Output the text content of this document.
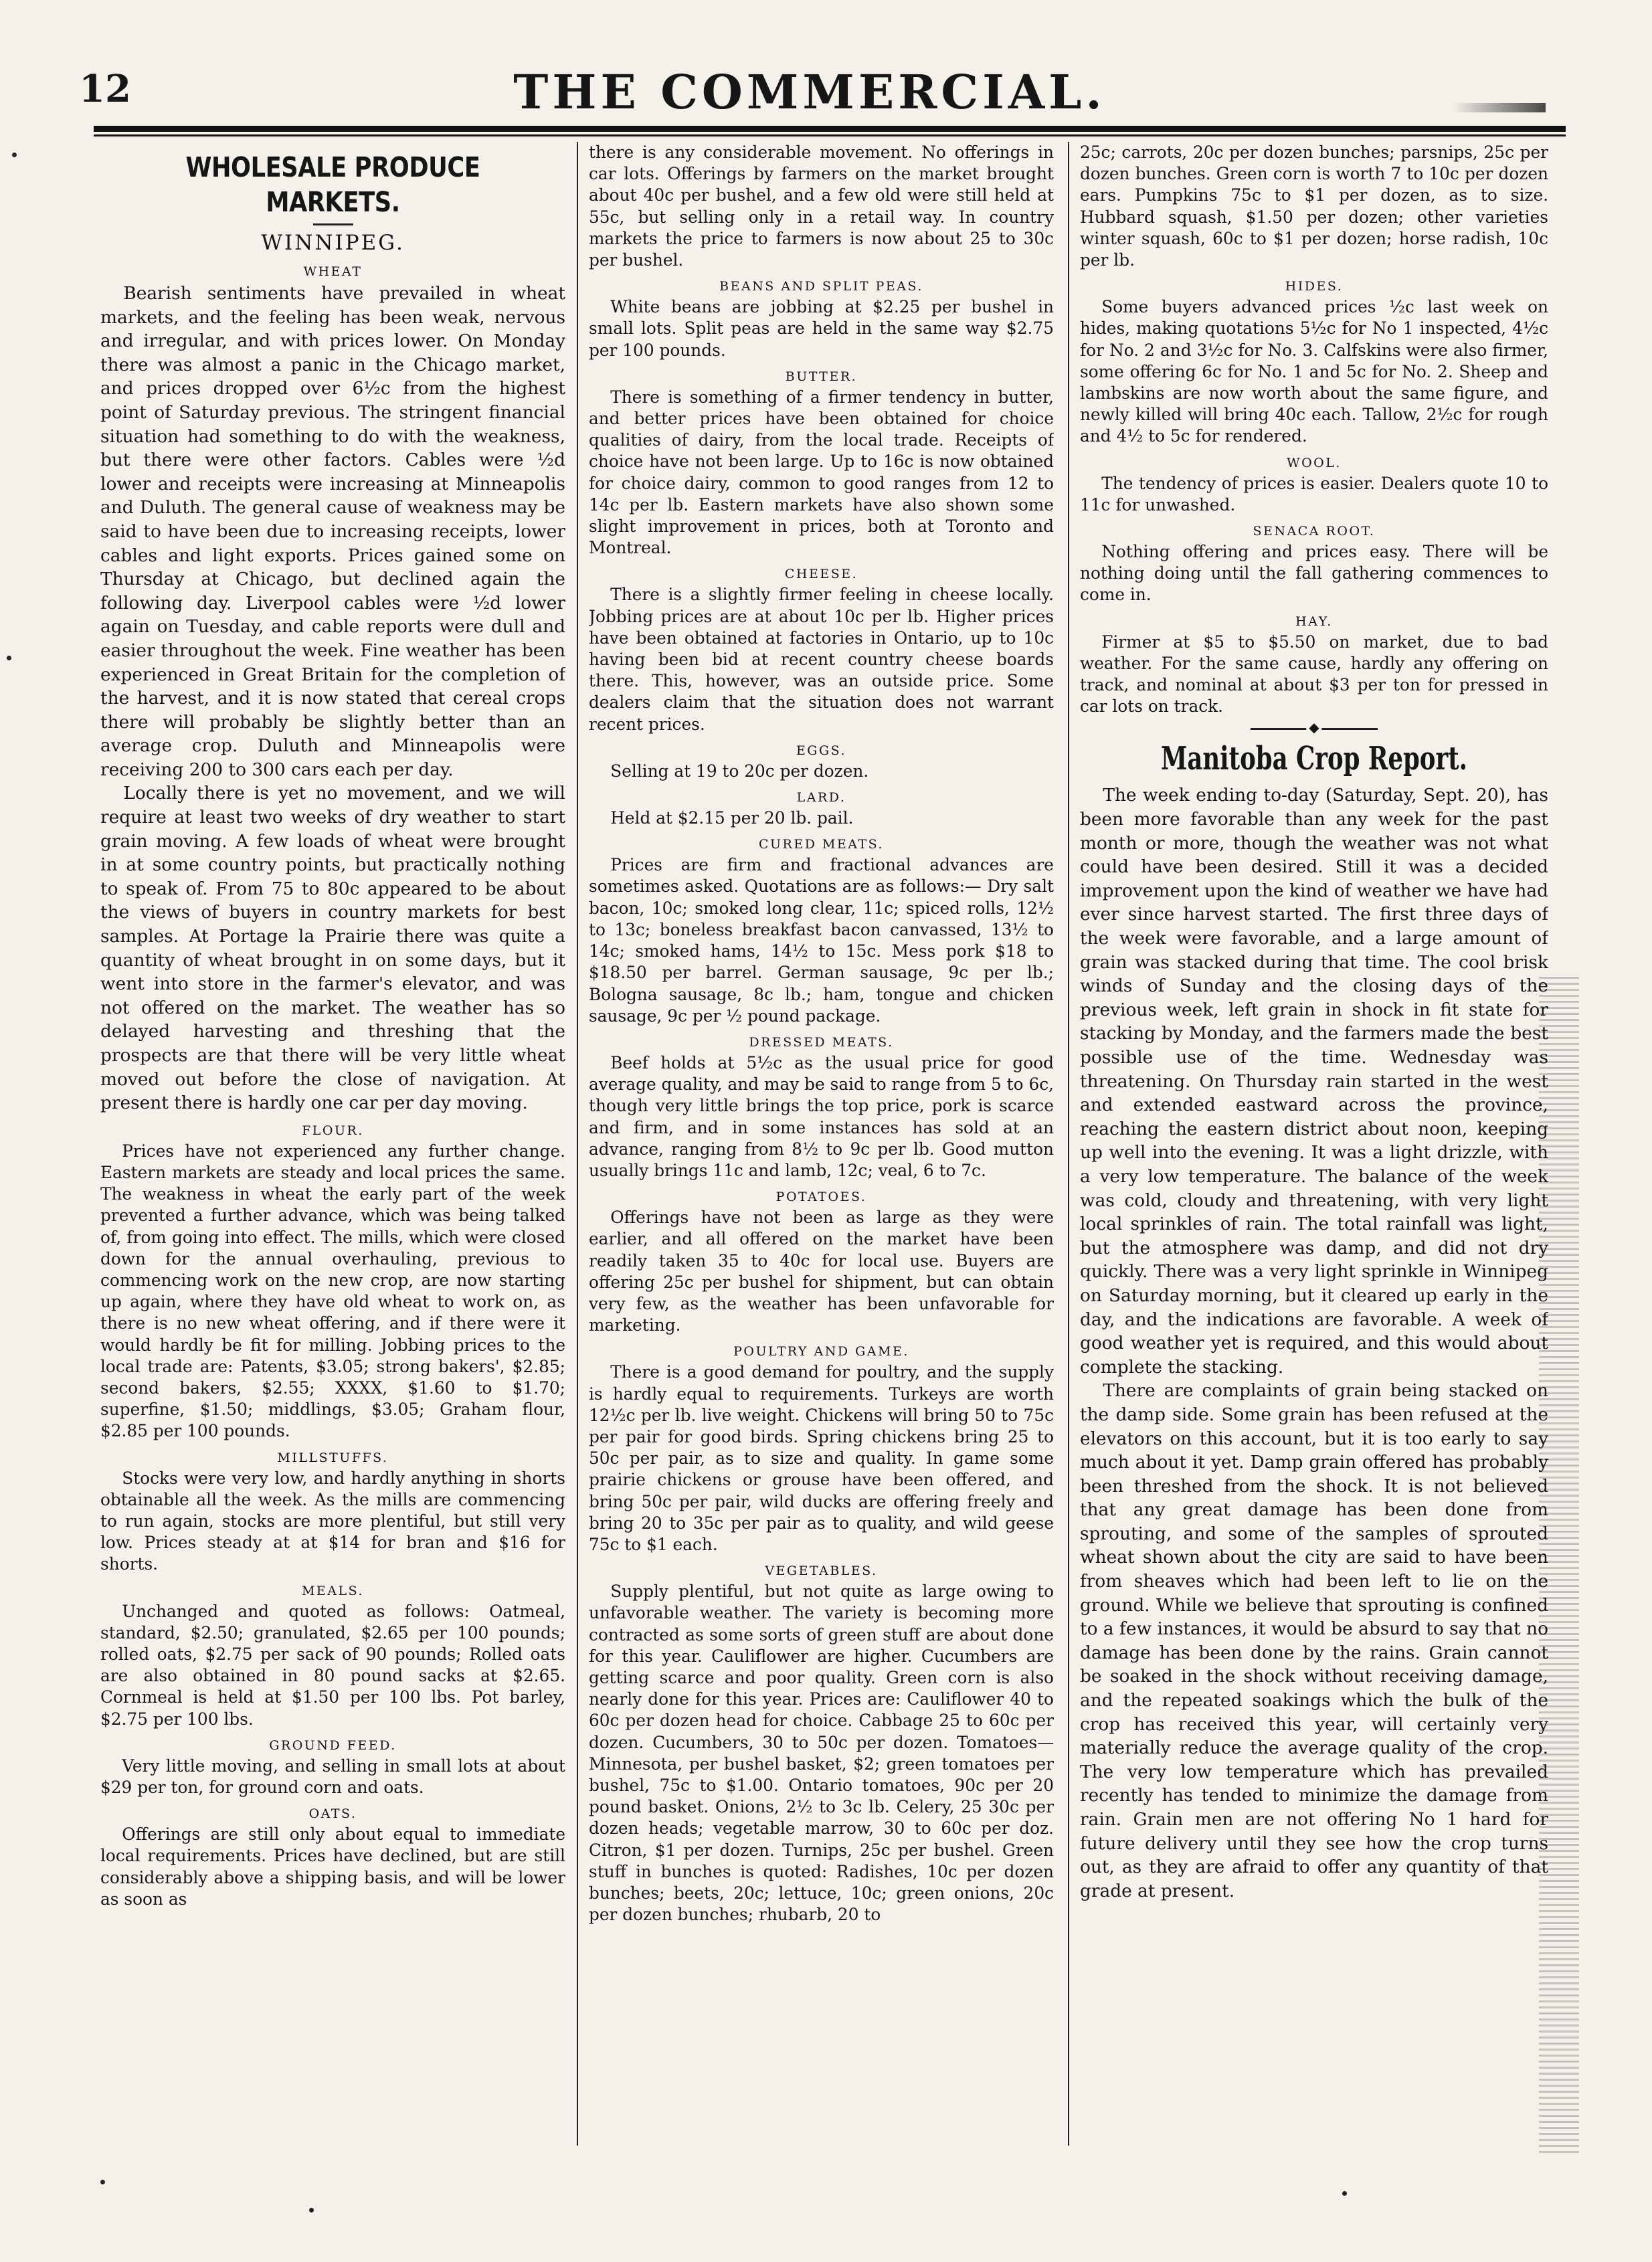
12	THE COMMERCIAL.
WHOLESALE PRODUCE MARKETS.
WINNIPEG.
WHEAT

Bearish sentiments have prevailed in wheat markets, and the feeling has been weak, nervous and irregular, and with prices lower. On Monday there was almost a panic in the Chicago market, and prices dropped over 6½c from the highest point of Saturday previous. The stringent financial situation had something to do with the weakness, but there were other factors. Cables were ½d lower and receipts were increasing at Minneapolis and Duluth. The general cause of weakness may be said to have been due to increasing receipts, lower cables and light exports. Prices gained some on Thursday at Chicago, but declined again the following day. Liverpool cables were ½d lower again on Tuesday, and cable reports were dull and easier throughout the week. Fine weather has been experienced in Great Britain for the completion of the harvest, and it is now stated that cereal crops there will probably be slightly better than an average crop. Duluth and Minneapolis were receiving 200 to 300 cars each per day.

Locally there is yet no movement, and we will require at least two weeks of dry weather to start grain moving. A few loads of wheat were brought in at some country points, but practically nothing to speak of. From 75 to 80c appeared to be about the views of buyers in country markets for best samples. At Portage la Prairie there was quite a quantity of wheat brought in on some days, but it went into store in the farmer's elevator, and was not offered on the market. The weather has so delayed harvesting and threshing that the prospects are that there will be very little wheat moved out before the close of navigation. At present there is hardly one car per day moving.

FLOUR.

Prices have not experienced any further change. Eastern markets are steady and local prices the same. The weakness in wheat the early part of the week prevented a further advance, which was being talked of, from going into effect. The mills, which were closed down for the annual overhauling, previous to commencing work on the new crop, are now starting up again, where they have old wheat to work on, as there is no new wheat offering, and if there were it would hardly be fit for milling. Jobbing prices to the local trade are: Patents, $3.05; strong bakers', $2.85; second bakers, $2.55; XXXX, $1.60 to $1.70; superfine, $1.50; middlings, $3.05; Graham flour, $2.85 per 100 pounds.

MILLSTUFFS.

Stocks were very low, and hardly anything in shorts obtainable all the week. As the mills are commencing to run again, stocks are more plentiful, but still very low. Prices steady at at $14 for bran and $16 for shorts.

MEALS.

Unchanged and quoted as follows: Oatmeal, standard, $2.50; granulated, $2.65 per 100 pounds; rolled oats, $2.75 per sack of 90 pounds; Rolled oats are also obtained in 80 pound sacks at $2.65. Cornmeal is held at $1.50 per 100 lbs. Pot barley, $2.75 per 100 lbs.

GROUND FEED.

Very little moving, and selling in small lots at about $29 per ton, for ground corn and oats.

OATS.

Offerings are still only about equal to immediate local requirements. Prices have declined, but are still considerably above a shipping basis, and will be lower as soon as

there is any considerable movement. No offerings in car lots. Offerings by farmers on the market brought about 40c per bushel, and a few old were still held at 55c, but selling only in a retail way. In country markets the price to farmers is now about 25 to 30c per bushel.

BEANS AND SPLIT PEAS.

White beans are jobbing at $2.25 per bushel in small lots. Split peas are held in the same way $2.75 per 100 pounds.

BUTTER.

There is something of a firmer tendency in butter, and better prices have been obtained for choice qualities of dairy, from the local trade. Receipts of choice have not been large. Up to 16c is now obtained for choice dairy, common to good ranges from 12 to 14c per lb. Eastern markets have also shown some slight improvement in prices, both at Toronto and Montreal.

CHEESE.

There is a slightly firmer feeling in cheese locally. Jobbing prices are at about 10c per lb. Higher prices have been obtained at factories in Ontario, up to 10c having been bid at recent country cheese boards there. This, however, was an outside price. Some dealers claim that the situation does not warrant recent prices.

EGGS.

Selling at 19 to 20c per dozen.

LARD.

Held at $2.15 per 20 lb. pail.

CURED MEATS.

Prices are firm and fractional advances are sometimes asked. Quotations are as follows:— Dry salt bacon, 10c; smoked long clear, 11c; spiced rolls, 12½ to 13c; boneless breakfast bacon canvassed, 13½ to 14c; smoked hams, 14½ to 15c. Mess pork $18 to $18.50 per barrel. German sausage, 9c per lb.; Bologna sausage, 8c lb.; ham, tongue and chicken sausage, 9c per ½ pound package.

DRESSED MEATS.

Beef holds at 5½c as the usual price for good average quality, and may be said to range from 5 to 6c, though very little brings the top price, pork is scarce and firm, and in some instances has sold at an advance, ranging from 8½ to 9c per lb. Good mutton usually brings 11c and lamb, 12c; veal, 6 to 7c.

POTATOES.

Offerings have not been as large as they were earlier, and all offered on the market have been readily taken 35 to 40c for local use. Buyers are offering 25c per bushel for shipment, but can obtain very few, as the weather has been unfavorable for marketing.

POULTRY AND GAME.

There is a good demand for poultry, and the supply is hardly equal to requirements. Turkeys are worth 12½c per lb. live weight. Chickens will bring 50 to 75c per pair for good birds. Spring chickens bring 25 to 50c per pair, as to size and quality. In game some prairie chickens or grouse have been offered, and bring 50c per pair, wild ducks are offering freely and bring 20 to 35c per pair as to quality, and wild geese 75c to $1 each.

VEGETABLES.

Supply plentiful, but not quite as large owing to unfavorable weather. The variety is becoming more contracted as some sorts of green stuff are about done for this year. Cauliflower are higher. Cucumbers are getting scarce and poor quality. Green corn is also nearly done for this year. Prices are: Cauliflower 40 to 60c per dozen head for choice. Cabbage 25 to 60c per dozen. Cucumbers, 30 to 50c per dozen. Tomatoes—Minnesota, per bushel basket, $2; green tomatoes per bushel, 75c to $1.00. Ontario tomatoes, 90c per 20 pound basket. Onions, 2½ to 3c lb. Celery, 25 30c per dozen heads; vegetable marrow, 30 to 60c per doz. Citron, $1 per dozen. Turnips, 25c per bushel. Green stuff in bunches is quoted: Radishes, 10c per dozen bunches; beets, 20c; lettuce, 10c; green onions, 20c per dozen bunches; rhubarb, 20 to

25c; carrots, 20c per dozen bunches; parsnips, 25c per dozen bunches. Green corn is worth 7 to 10c per dozen ears. Pumpkins 75c to $1 per dozen, as to size. Hubbard squash, $1.50 per dozen; other varieties winter squash, 60c to $1 per dozen; horse radish, 10c per lb.

HIDES.

Some buyers advanced prices ½c last week on hides, making quotations 5½c for No 1 inspected, 4½c for No. 2 and 3½c for No. 3. Calfskins were also firmer, some offering 6c for No. 1 and 5c for No. 2. Sheep and lambskins are now worth about the same figure, and newly killed will bring 40c each. Tallow, 2½c for rough and 4½ to 5c for rendered.

WOOL.

The tendency of prices is easier. Dealers quote 10 to 11c for unwashed.

SENACA ROOT.

Nothing offering and prices easy. There will be nothing doing until the fall gathering commences to come in.

HAY.

Firmer at $5 to $5.50 on market, due to bad weather. For the same cause, hardly any offering on track, and nominal at about $3 per ton for pressed in car lots on track.

◆
Manitoba Crop Report.

The week ending to-day (Saturday, Sept. 20), has been more favorable than any week for the past month or more, though the weather was not what could have been desired. Still it was a decided improvement upon the kind of weather we have had ever since harvest started. The first three days of the week were favorable, and a large amount of grain was stacked during that time. The cool brisk winds of Sunday and the closing days of the previous week, left grain in shock in fit state for stacking by Monday, and the farmers made the best possible use of the time. Wednesday was threatening. On Thursday rain started in the west and extended eastward across the province, reaching the eastern district about noon, keeping up well into the evening. It was a light drizzle, with a very low temperature. The balance of the week was cold, cloudy and threatening, with very light local sprinkles of rain. The total rainfall was light, but the atmosphere was damp, and did not dry quickly. There was a very light sprinkle in Winnipeg on Saturday morning, but it cleared up early in the day, and the indications are favorable. A week of good weather yet is required, and this would about complete the stacking.

There are complaints of grain being stacked on the damp side. Some grain has been refused at the elevators on this account, but it is too early to say much about it yet. Damp grain offered has probably been threshed from the shock. It is not believed that any great damage has been done from sprouting, and some of the samples of sprouted wheat shown about the city are said to have been from sheaves which had been left to lie on the ground. While we believe that sprouting is confined to a few instances, it would be absurd to say that no damage has been done by the rains. Grain cannot be soaked in the shock without receiving damage, and the repeated soakings which the bulk of the crop has received this year, will certainly very materially reduce the average quality of the crop. The very low temperature which has prevailed recently has tended to minimize the damage from rain. Grain men are not offering No 1 hard for future delivery until they see how the crop turns out, as they are afraid to offer any quantity of that grade at present.
